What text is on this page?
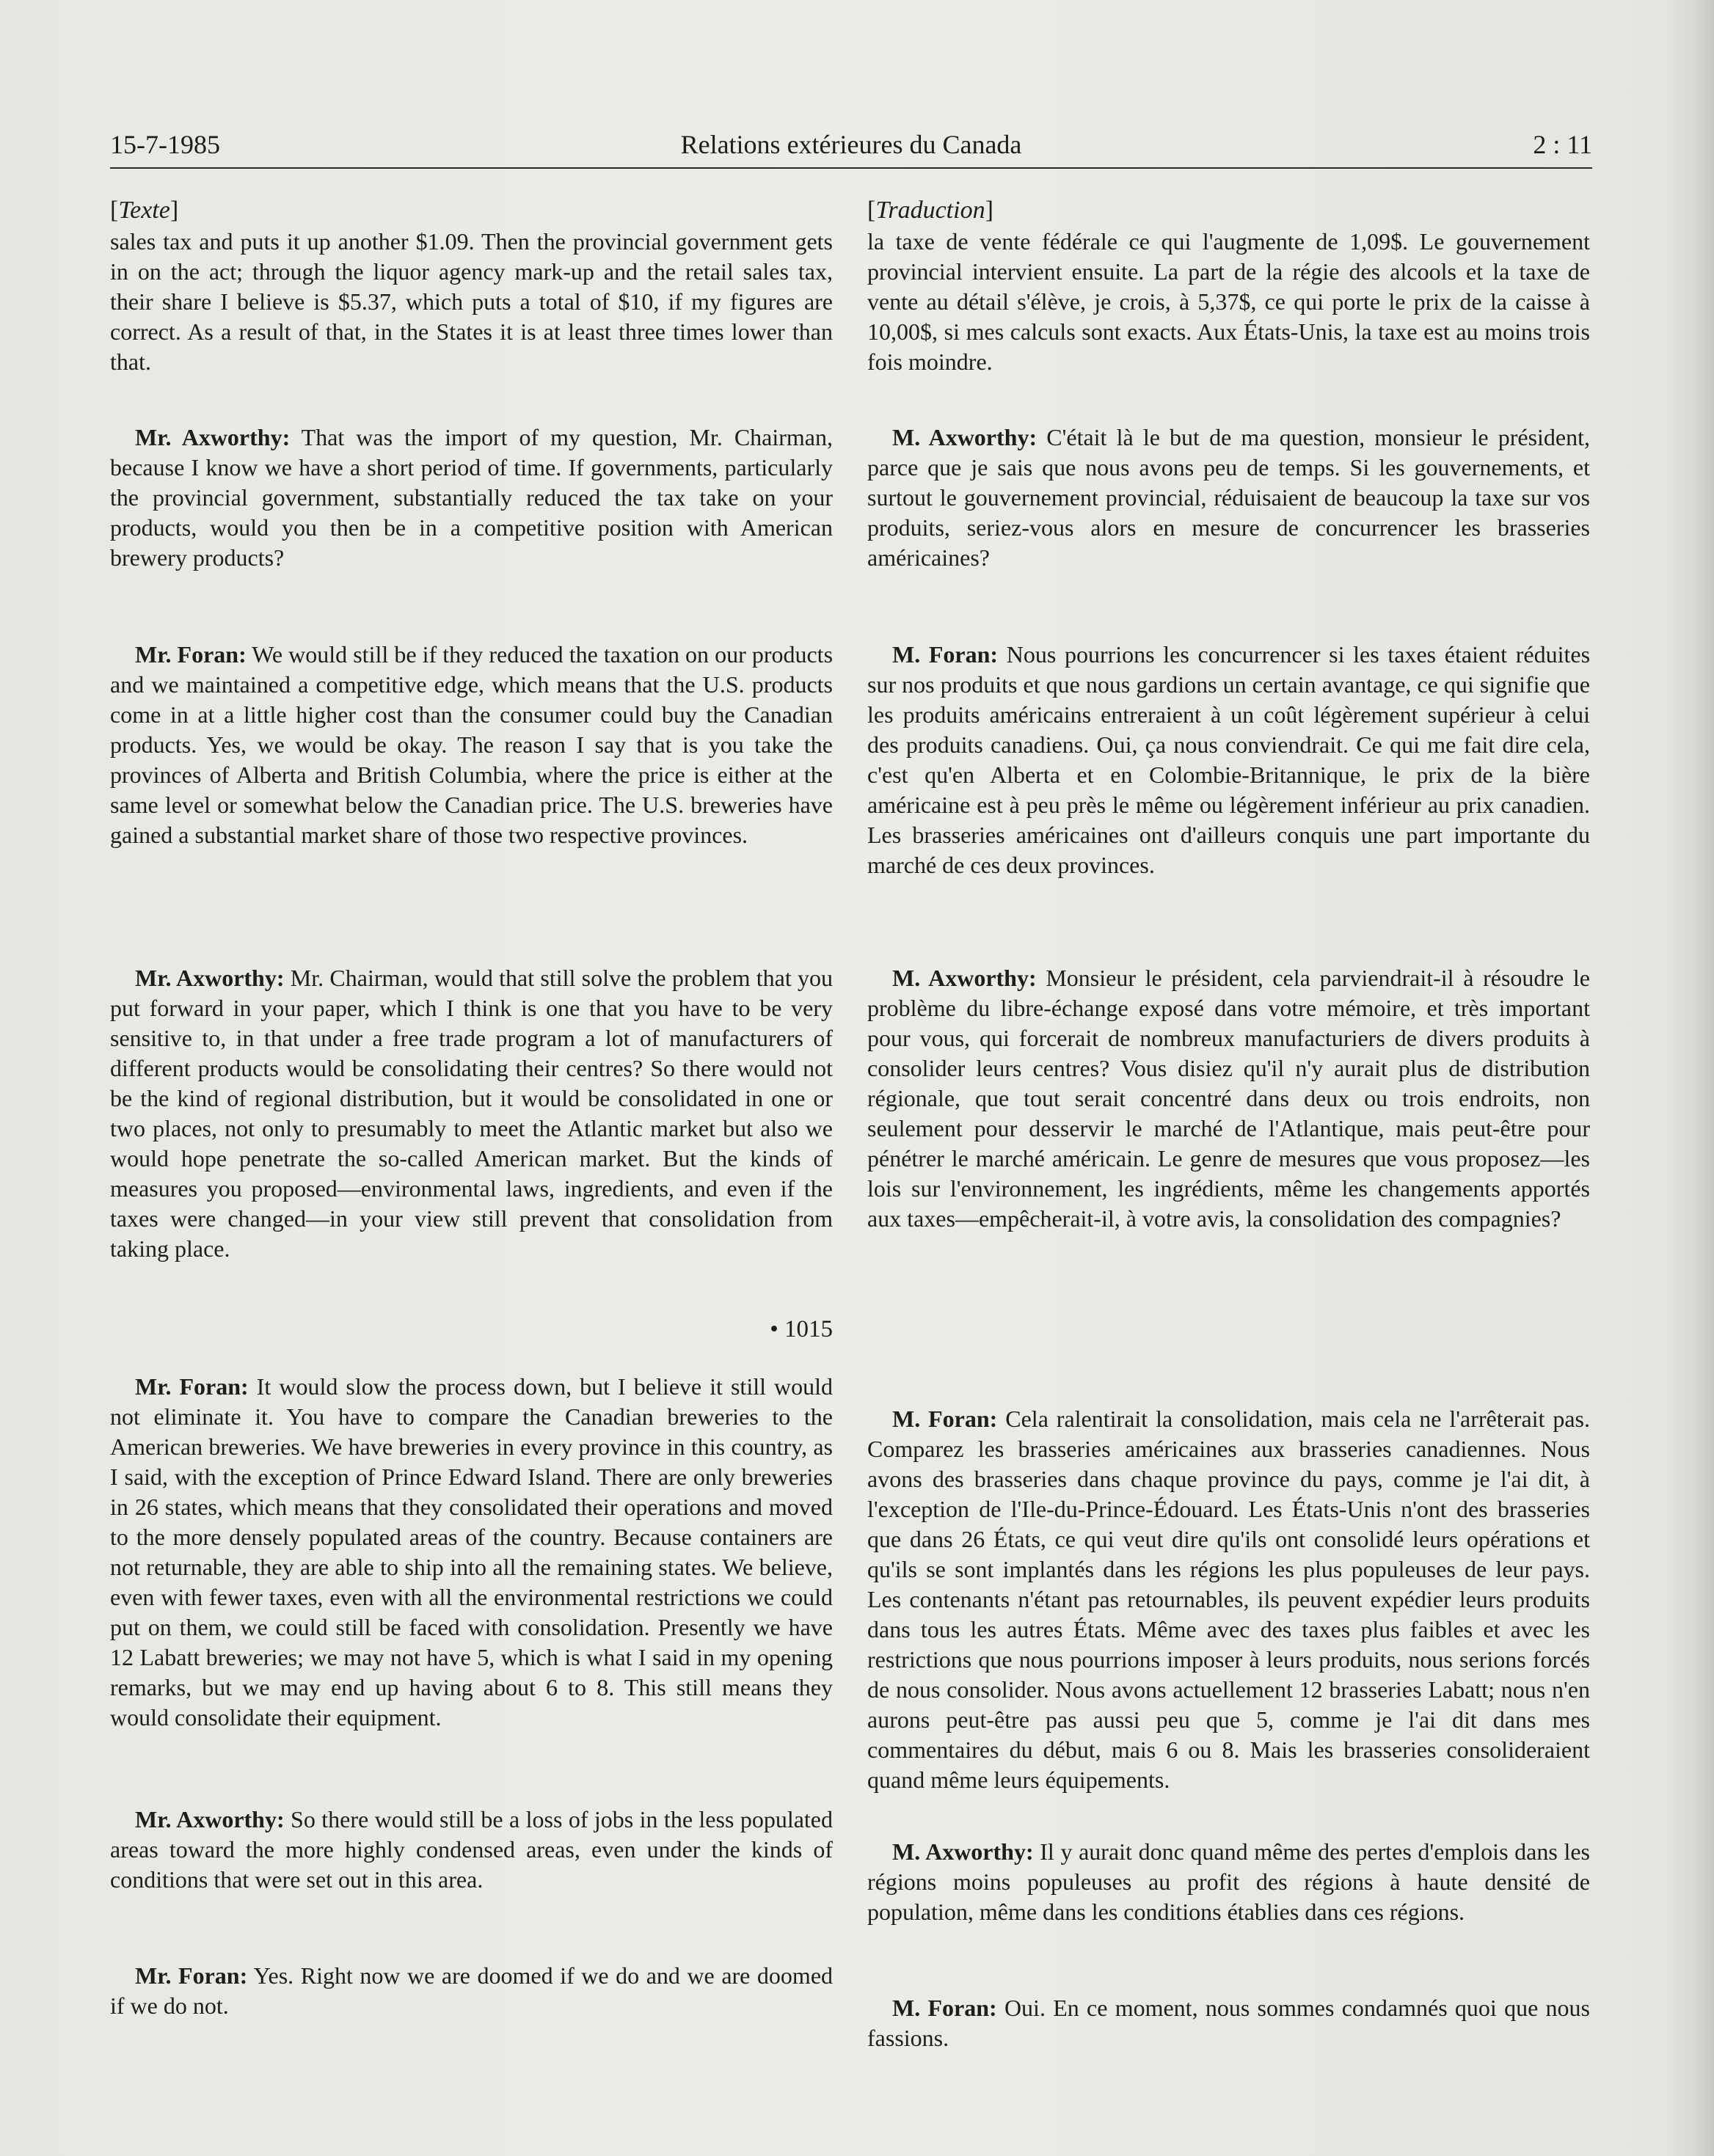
15-7-1985	Relations extérieures du Canada	2 : 11
[Texte]

sales tax and puts it up another $1.09. Then the provincial government gets in on the act; through the liquor agency mark-up and the retail sales tax, their share I believe is $5.37, which puts a total of $10, if my figures are correct. As a result of that, in the States it is at least three times lower than that.

Mr. Axworthy: That was the import of my question, Mr. Chairman, because I know we have a short period of time. If governments, particularly the provincial government, substantially reduced the tax take on your products, would you then be in a competitive position with American brewery products?

Mr. Foran: We would still be if they reduced the taxation on our products and we maintained a competitive edge, which means that the U.S. products come in at a little higher cost than the consumer could buy the Canadian products. Yes, we would be okay. The reason I say that is you take the provinces of Alberta and British Columbia, where the price is either at the same level or somewhat below the Canadian price. The U.S. breweries have gained a substantial market share of those two respective provinces.

Mr. Axworthy: Mr. Chairman, would that still solve the problem that you put forward in your paper, which I think is one that you have to be very sensitive to, in that under a free trade program a lot of manufacturers of different products would be consolidating their centres? So there would not be the kind of regional distribution, but it would be consolidated in one or two places, not only to presumably to meet the Atlantic market but also we would hope penetrate the so-called American market. But the kinds of measures you proposed—environmental laws, ingredients, and even if the taxes were changed—in your view still prevent that consolidation from taking place.

• 1015

Mr. Foran: It would slow the process down, but I believe it still would not eliminate it. You have to compare the Canadian breweries to the American breweries. We have breweries in every province in this country, as I said, with the exception of Prince Edward Island. There are only breweries in 26 states, which means that they consolidated their operations and moved to the more densely populated areas of the country. Because containers are not returnable, they are able to ship into all the remaining states. We believe, even with fewer taxes, even with all the environmental restrictions we could put on them, we could still be faced with consolidation. Presently we have 12 Labatt breweries; we may not have 5, which is what I said in my opening remarks, but we may end up having about 6 to 8. This still means they would consolidate their equipment.

Mr. Axworthy: So there would still be a loss of jobs in the less populated areas toward the more highly condensed areas, even under the kinds of conditions that were set out in this area.

Mr. Foran: Yes. Right now we are doomed if we do and we are doomed if we do not.

[Traduction]

la taxe de vente fédérale ce qui l'augmente de 1,09$. Le gouvernement provincial intervient ensuite. La part de la régie des alcools et la taxe de vente au détail s'élève, je crois, à 5,37$, ce qui porte le prix de la caisse à 10,00$, si mes calculs sont exacts. Aux États-Unis, la taxe est au moins trois fois moindre.

M. Axworthy: C'était là le but de ma question, monsieur le président, parce que je sais que nous avons peu de temps. Si les gouvernements, et surtout le gouvernement provincial, réduisaient de beaucoup la taxe sur vos produits, seriez-vous alors en mesure de concurrencer les brasseries américaines?

M. Foran: Nous pourrions les concurrencer si les taxes étaient réduites sur nos produits et que nous gardions un certain avantage, ce qui signifie que les produits américains entreraient à un coût légèrement supérieur à celui des produits canadiens. Oui, ça nous conviendrait. Ce qui me fait dire cela, c'est qu'en Alberta et en Colombie-Britannique, le prix de la bière américaine est à peu près le même ou légèrement inférieur au prix canadien. Les brasseries américaines ont d'ailleurs conquis une part importante du marché de ces deux provinces.

M. Axworthy: Monsieur le président, cela parviendrait-il à résoudre le problème du libre-échange exposé dans votre mémoire, et très important pour vous, qui forcerait de nombreux manufacturiers de divers produits à consolider leurs centres? Vous disiez qu'il n'y aurait plus de distribution régionale, que tout serait concentré dans deux ou trois endroits, non seulement pour desservir le marché de l'Atlantique, mais peut-être pour pénétrer le marché américain. Le genre de mesures que vous proposez—les lois sur l'environnement, les ingrédients, même les changements apportés aux taxes—empêcherait-il, à votre avis, la consolidation des compagnies?

M. Foran: Cela ralentirait la consolidation, mais cela ne l'arrêterait pas. Comparez les brasseries américaines aux brasseries canadiennes. Nous avons des brasseries dans chaque province du pays, comme je l'ai dit, à l'exception de l'Ile-du-Prince-Édouard. Les États-Unis n'ont des brasseries que dans 26 États, ce qui veut dire qu'ils ont consolidé leurs opérations et qu'ils se sont implantés dans les régions les plus populeuses de leur pays. Les contenants n'étant pas retournables, ils peuvent expédier leurs produits dans tous les autres États. Même avec des taxes plus faibles et avec les restrictions que nous pourrions imposer à leurs produits, nous serions forcés de nous consolider. Nous avons actuellement 12 brasseries Labatt; nous n'en aurons peut-être pas aussi peu que 5, comme je l'ai dit dans mes commentaires du début, mais 6 ou 8. Mais les brasseries consolideraient quand même leurs équipements.

M. Axworthy: Il y aurait donc quand même des pertes d'emplois dans les régions moins populeuses au profit des régions à haute densité de population, même dans les conditions établies dans ces régions.

M. Foran: Oui. En ce moment, nous sommes condamnés quoi que nous fassions.
